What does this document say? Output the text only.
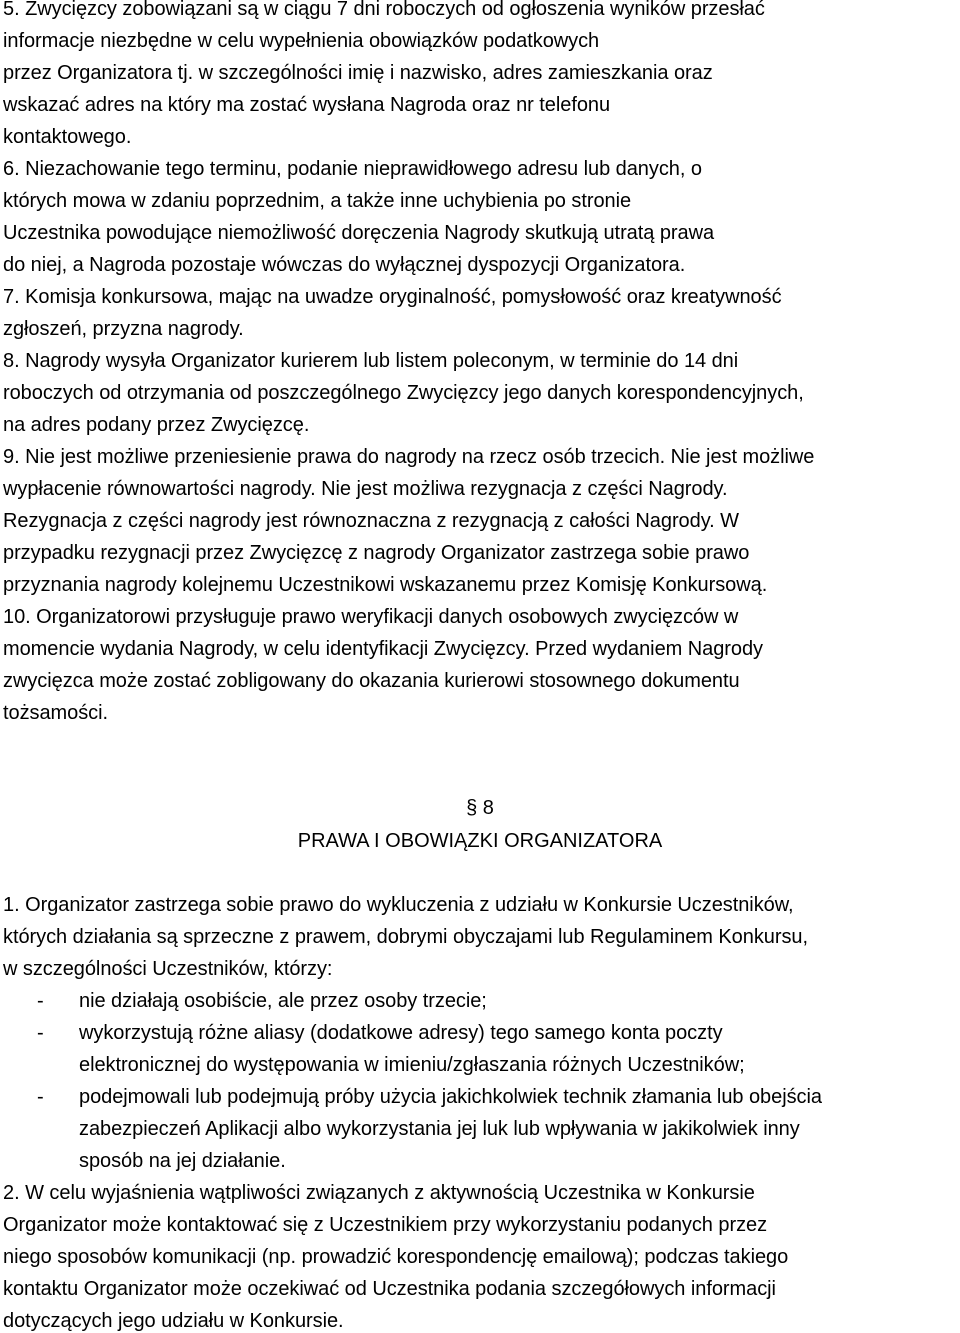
5. Zwycięzcy zobowiązani są w ciągu 7 dni roboczych od ogłoszenia wyników przesłać
informacje niezbędne w celu wypełnienia obowiązków podatkowych
przez Organizatora tj. w szczególności imię i nazwisko, adres zamieszkania oraz
wskazać adres na który ma zostać wysłana Nagroda oraz nr telefonu
kontaktowego.
6. Niezachowanie tego terminu, podanie nieprawidłowego adresu lub danych, o
których mowa w zdaniu poprzednim, a także inne uchybienia po stronie
Uczestnika powodujące niemożliwość doręczenia Nagrody skutkują utratą prawa
do niej, a Nagroda pozostaje wówczas do wyłącznej dyspozycji Organizatora.
7. Komisja konkursowa, mając na uwadze oryginalność, pomysłowość oraz kreatywność
zgłoszeń, przyzna nagrody.
8. Nagrody wysyła Organizator kurierem lub listem poleconym, w terminie do 14 dni
roboczych od otrzymania od poszczególnego Zwycięzcy jego danych korespondencyjnych,
na adres podany przez Zwycięzcę.
9. Nie jest możliwe przeniesienie prawa do nagrody na rzecz osób trzecich. Nie jest możliwe
wypłacenie równowartości nagrody. Nie jest możliwa rezygnacja z części Nagrody.
Rezygnacja z części nagrody jest równoznaczna z rezygnacją z całości Nagrody. W
przypadku rezygnacji przez Zwycięzcę z nagrody Organizator zastrzega sobie prawo
przyznania nagrody kolejnemu Uczestnikowi wskazanemu przez Komisję Konkursową.
10. Organizatorowi przysługuje prawo weryfikacji danych osobowych zwycięzców w
momencie wydania Nagrody, w celu identyfikacji Zwycięzcy. Przed wydaniem Nagrody
zwycięzca może zostać zobligowany do okazania kurierowi stosownego dokumentu
tożsamości.
§ 8
PRAWA I OBOWIĄZKI ORGANIZATORA
1. Organizator zastrzega sobie prawo do wykluczenia z udziału w Konkursie Uczestników,
których działania są sprzeczne z prawem, dobrymi obyczajami lub Regulaminem Konkursu,
w szczególności Uczestników, którzy:
- nie działają osobiście, ale przez osoby trzecie;
- wykorzystują różne aliasy (dodatkowe adresy) tego samego konta poczty
elektronicznej do występowania w imieniu/zgłaszania różnych Uczestników;
- podejmowali lub podejmują próby użycia jakichkolwiek technik złamania lub obejścia
zabezpieczeń Aplikacji albo wykorzystania jej luk lub wpływania w jakikolwiek inny
sposób na jej działanie.
2. W celu wyjaśnienia wątpliwości związanych z aktywnością Uczestnika w Konkursie
Organizator może kontaktować się z Uczestnikiem przy wykorzystaniu podanych przez
niego sposobów komunikacji (np. prowadzić korespondencję emailową); podczas takiego
kontaktu Organizator może oczekiwać od Uczestnika podania szczegółowych informacji
dotyczących jego udziału w Konkursie.
